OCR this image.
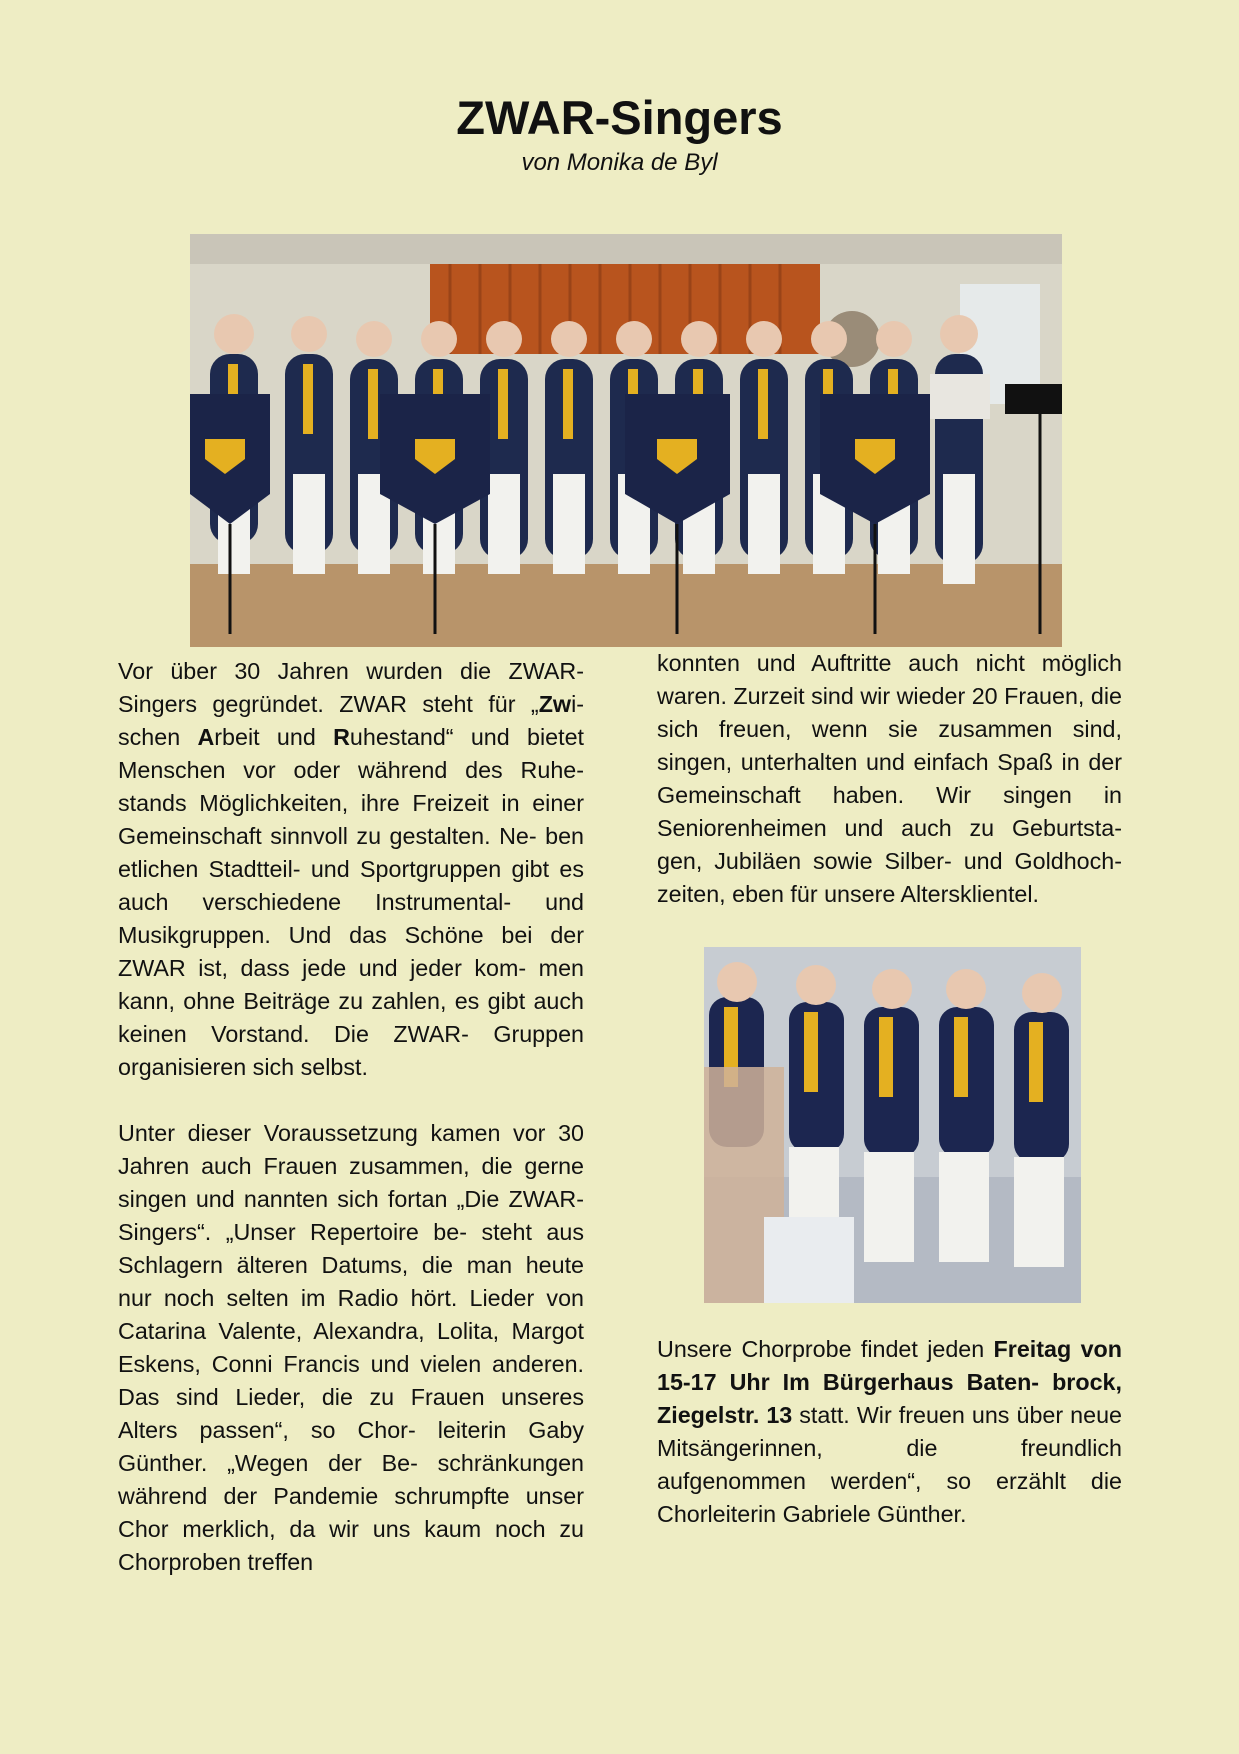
ZWAR-Singers
von Monika de Byl

Vor über 30 Jahren wurden die ZWAR- Singers gegründet. ZWAR steht für „Zwi- schen Arbeit und Ruhestand“ und bietet Menschen vor oder während des Ruhe- stands Möglichkeiten, ihre Freizeit in einer Gemeinschaft sinnvoll zu gestalten. Ne- ben etlichen Stadtteil- und Sportgruppen gibt es auch verschiedene Instrumental- und Musikgruppen. Und das Schöne bei der ZWAR ist, dass jede und jeder kom- men kann, ohne Beiträge zu zahlen, es gibt auch keinen Vorstand. Die ZWAR- Gruppen organisieren sich selbst.

Unter dieser Voraussetzung kamen vor 30 Jahren auch Frauen zusammen, die gerne singen und nannten sich fortan „Die ZWAR-Singers“. „Unser Repertoire be- steht aus Schlagern älteren Datums, die man heute nur noch selten im Radio hört. Lieder von Catarina Valente, Alexandra, Lolita, Margot Eskens, Conni Francis und vielen anderen. Das sind Lieder, die zu Frauen unseres Alters passen“, so Chor- leiterin Gaby Günther. „Wegen der Be- schränkungen während der Pandemie schrumpfte unser Chor merklich, da wir uns kaum noch zu Chorproben treffen

konnten und Auftritte auch nicht möglich waren. Zurzeit sind wir wieder 20 Frauen, die sich freuen, wenn sie zusammen sind, singen, unterhalten und einfach Spaß in der Gemeinschaft haben. Wir singen in Seniorenheimen und auch zu Geburtsta- gen, Jubiläen sowie Silber- und Goldhoch- zeiten, eben für unsere Altersklientel.

Unsere Chorprobe findet jeden Freitag von 15-17 Uhr Im Bürgerhaus Baten- brock, Ziegelstr. 13 statt. Wir freuen uns über neue Mitsängerinnen, die freundlich aufgenommen werden“, so erzählt die Chorleiterin Gabriele Günther.
